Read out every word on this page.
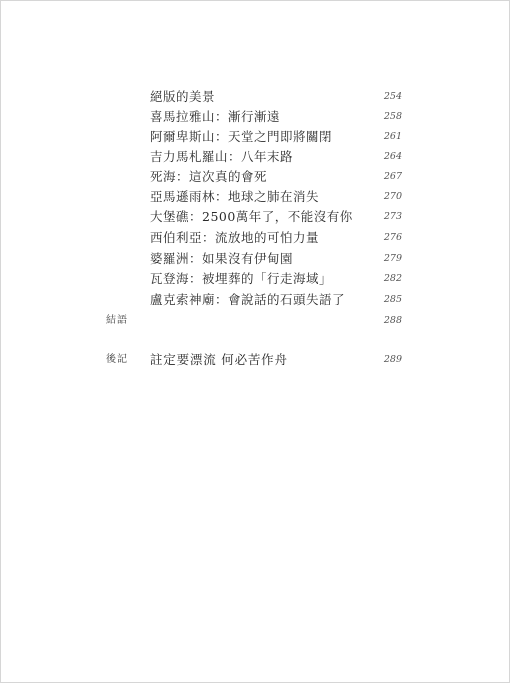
絕版的美景	254
喜馬拉雅山：漸行漸遠	258
阿爾卑斯山：天堂之門即將關閉	261
吉力馬札羅山：八年末路	264
死海：這次真的會死	267
亞馬遜雨林：地球之肺在消失	270
大堡礁：2500萬年了，不能沒有你	273
西伯利亞：流放地的可怕力量	276
婆羅洲：如果沒有伊甸園	279
瓦登海：被埋葬的「行走海域」	282
盧克索神廟：會說話的石頭失語了	285
結語	288
後記 註定要漂流 何必苦作舟	289
